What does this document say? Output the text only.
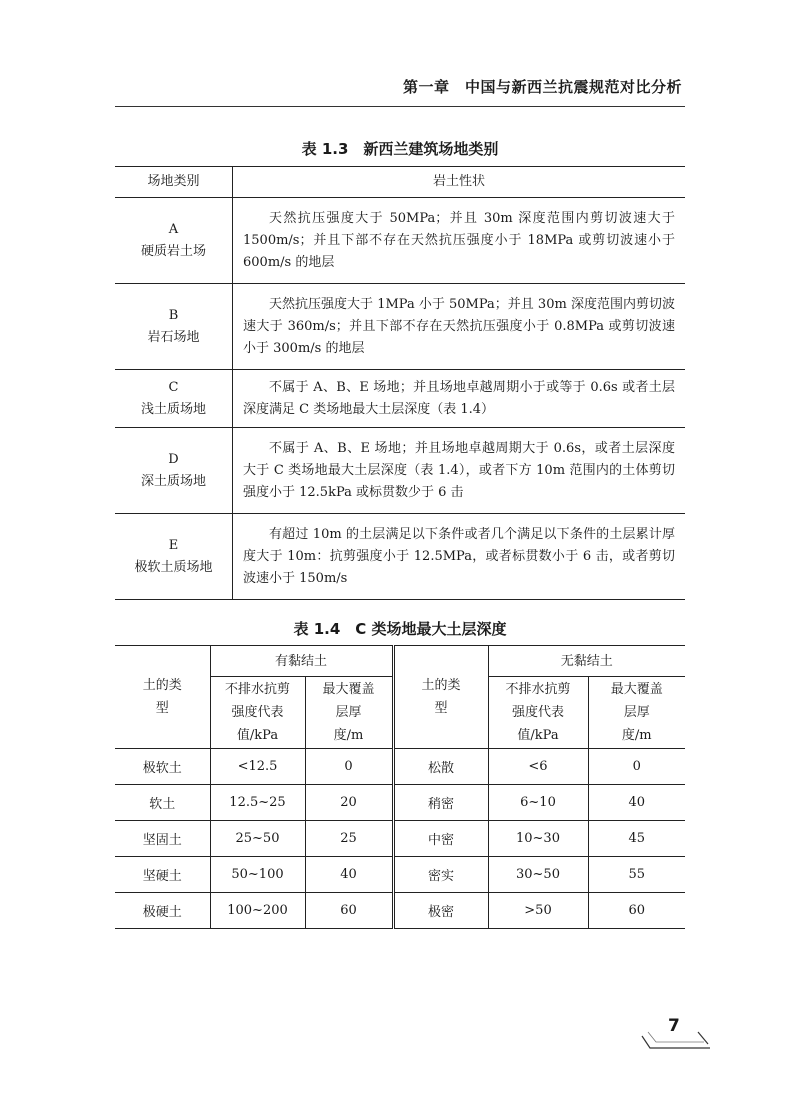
第一章　中国与新西兰抗震规范对比分析
表 1.3　新西兰建筑场地类别
场地类别	岩土性状

A
硬质岩土场	天然抗压强度大于 50MPa；并且 30m 深度范围内剪切波速大于 1500m/s；并且下部不存在天然抗压强度小于 18MPa 或剪切波速小于 600m/s 的地层

B
岩石场地	天然抗压强度大于 1MPa 小于 50MPa；并且 30m 深度范围内剪切波速大于 360m/s；并且下部不存在天然抗压强度小于 0.8MPa 或剪切波速小于 300m/s 的地层

C
浅土质场地	不属于 A、B、E 场地；并且场地卓越周期小于或等于 0.6s 或者土层深度满足 C 类场地最大土层深度（表 1.4）

D
深土质场地	不属于 A、B、E 场地；并且场地卓越周期大于 0.6s，或者土层深度大于 C 类场地最大土层深度（表 1.4），或者下方 10m 范围内的土体剪切强度小于 12.5kPa 或标贯数少于 6 击

E
极软土质场地	有超过 10m 的土层满足以下条件或者几个满足以下条件的土层累计厚度大于 10m：抗剪强度小于 12.5MPa，或者标贯数小于 6 击，或者剪切波速小于 150m/s

表 1.4　C 类场地最大土层深度
土的类型	有黏结土		土的类型	无黏结土	

	不排水抗剪强度代表值/kPa	最大覆盖层厚度/m		不排水抗剪强度代表值/kPa	最大覆盖层厚度/m

极软土	<12.5	0	松散	<6	0
软土	12.5~25	20	稍密	6~10	40
坚固土	25~50	25	中密	10~30	45
坚硬土	50~100	40	密实	30~50	55
极硬土	100~200	60	极密	>50	60
7
